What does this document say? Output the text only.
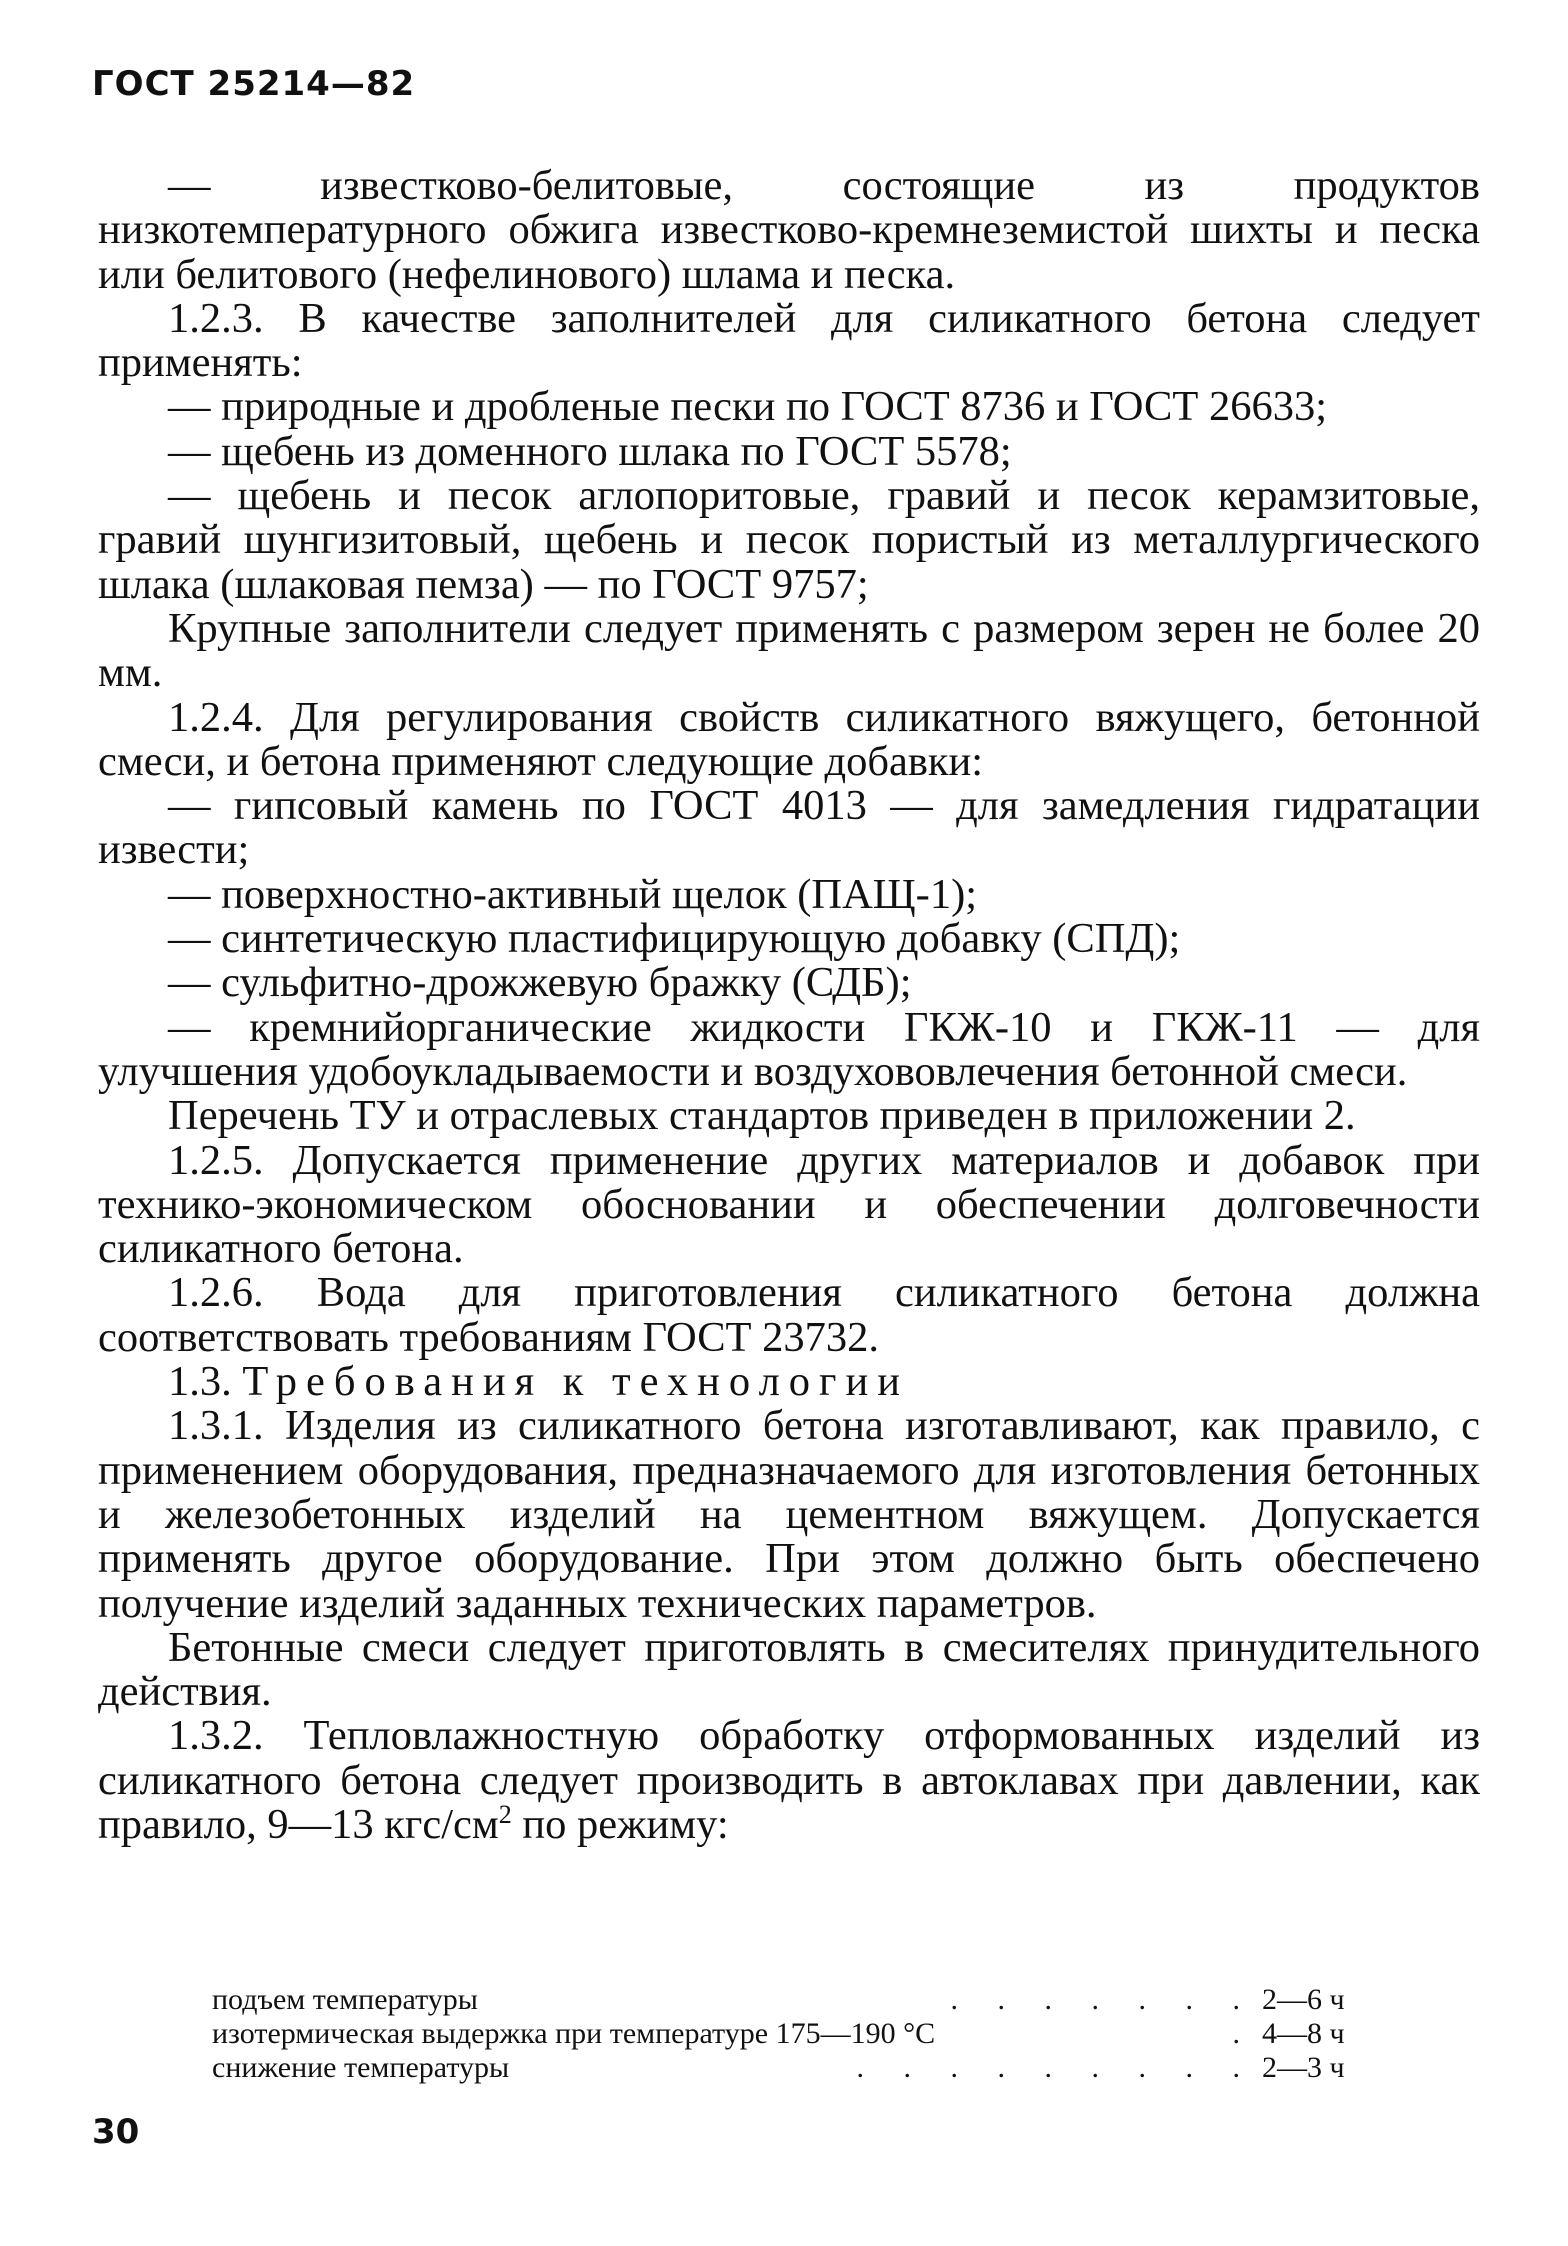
ГОСТ 25214—82

— известково-белитовые, состоящие из продуктов низкотемпературного обжига известково-кремнеземистой шихты и песка или белитового (нефелинового) шлама и песка.

1.2.3. В качестве заполнителей для силикатного бетона следует применять:

— природные и дробленые пески по ГОСТ 8736 и ГОСТ 26633;

— щебень из доменного шлака по ГОСТ 5578;

— щебень и песок аглопоритовые, гравий и песок керамзитовые, гравий шунгизитовый, щебень и песок пористый из металлургического шлака (шлаковая пемза) — по ГОСТ 9757;

Крупные заполнители следует применять с размером зерен не более 20 мм.

1.2.4. Для регулирования свойств силикатного вяжущего, бетонной смеси, и бетона применяют следующие добавки:

— гипсовый камень по ГОСТ 4013 — для замедления гидратации извести;

— поверхностно-активный щелок (ПАЩ-1);

— синтетическую пластифицирующую добавку (СПД);

— сульфитно-дрожжевую бражку (СДБ);

— кремнийорганические жидкости ГКЖ-10 и ГКЖ-11 — для улучшения удобоукладываемости и воздухововлечения бетонной смеси.

Перечень ТУ и отраслевых стандартов приведен в приложении 2.

1.2.5. Допускается применение других материалов и добавок при технико-экономическом обосновании и обеспечении долговечности силикатного бетона.

1.2.6. Вода для приготовления силикатного бетона должна соответствовать требованиям ГОСТ 23732.

1.3. Требования к технологии

1.3.1. Изделия из силикатного бетона изготавливают, как правило, с применением оборудования, предназначаемого для изготовления бетонных и железобетонных изделий на цементном вяжущем. Допускается применять другое оборудование. При этом должно быть обеспечено получение изделий заданных технических параметров.

Бетонные смеси следует приготовлять в смесителях принудительного действия.

1.3.2. Тепловлажностную обработку отформованных изделий из силикатного бетона следует производить в автоклавах при давлении, как правило, 9—13 кгс/$см^2$ по режиму:

подъем температуры	. . . . . . . 2—6 ч
изотермическая выдержка при температуре 175—190 °С	. 4—8 ч
снижение температуры	. . . . . . . . . 2—3 ч
30
